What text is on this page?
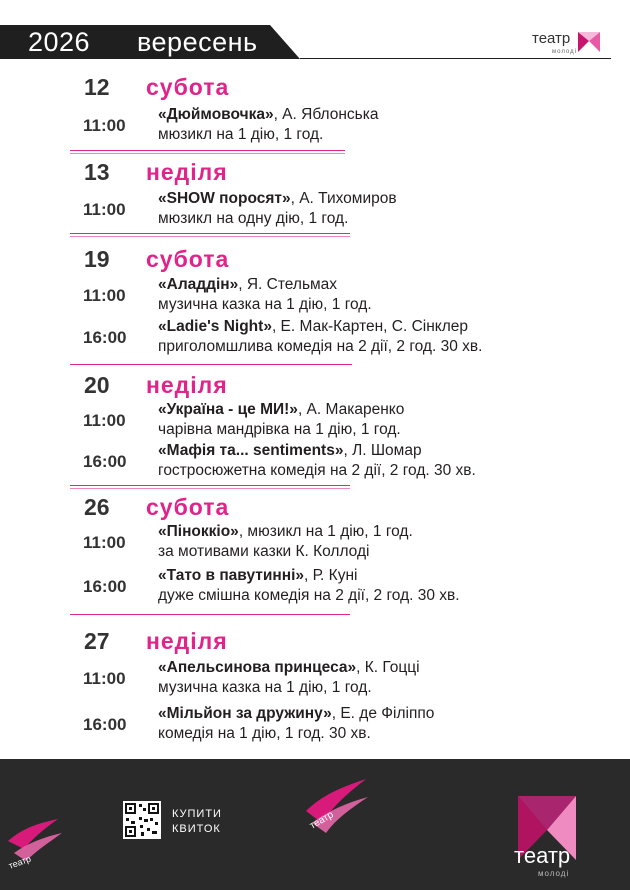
2026 вересень	театр
молоді
12 субота
11:00
«Дюймовочка», А. Яблонська
мюзикл на 1 дію, 1 год.
13 неділя
11:00
«SHOW поросят», А. Тихомиров
мюзикл на одну дію, 1 год.
19 субота
11:00
«Аладдін», Я. Стельмах
музична казка на 1 дію, 1 год.
16:00
«Ladie's Night», Е. Мак-Картен, С. Сінклер
приголомшлива комедія на 2 дії, 2 год. 30 хв.
20 неділя
11:00
«Україна - це МИ!», А. Макаренко
чарівна мандрівка на 1 дію, 1 год.
16:00
«Мафія та... sentiments», Л. Шомар
гостросюжетна комедія на 2 дії, 2 год. 30 хв.
26 субота
11:00
«Піноккіо», мюзикл на 1 дію, 1 год.
за мотивами казки К. Коллоді
16:00
«Тато в павутинні», Р. Куні
дуже смішна комедія на 2 дії, 2 год. 30 хв.
27 неділя
11:00
«Апельсинова принцеса», К. Гоцці
музична казка на 1 дію, 1 год.
16:00
«Мільйон за дружину», Е. де Філіппо
комедія на 1 дію, 1 год. 30 хв.
театр
КУПИТИ
КВИТОК	театр
театр
молоді
